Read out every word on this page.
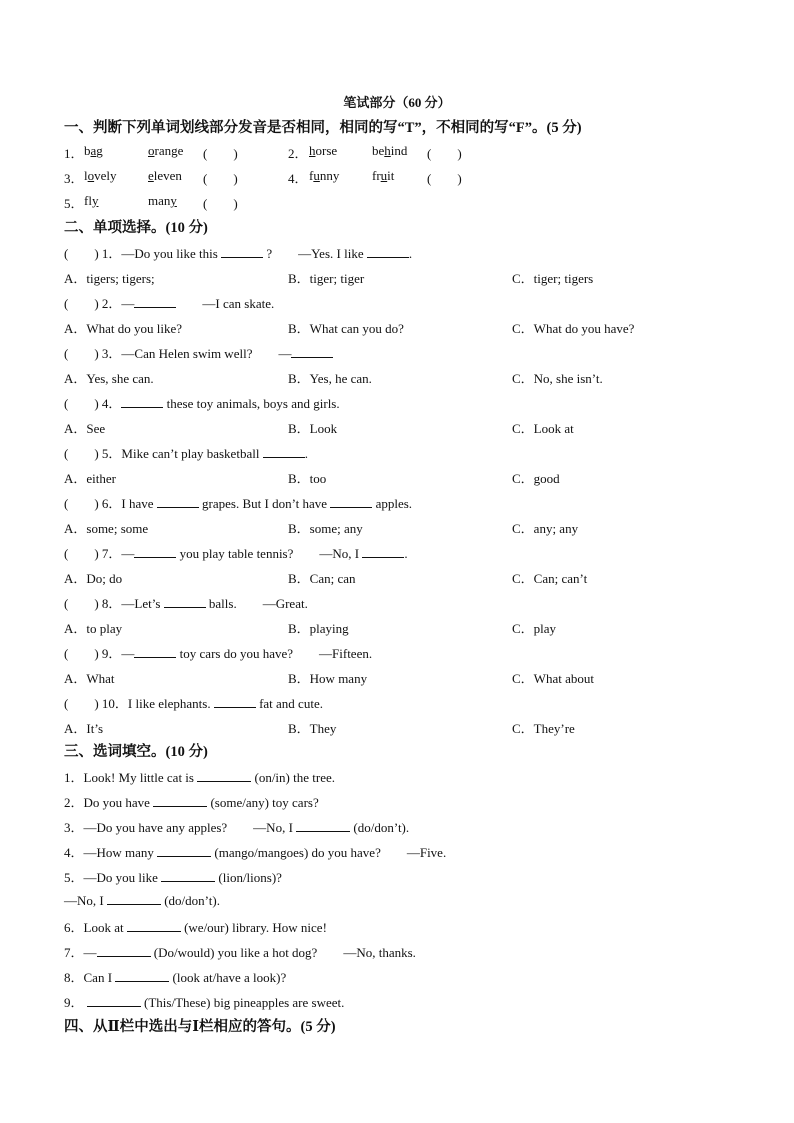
笔试部分（60 分）
一、判断下列单词划线部分发音是否相同，相同的写“T”，不相同的写“F”。(5 分)
1． bag	orange (　　)	2． horse	behind (　　)
3． lovely eleven (　　)	4． funny	fruit	(　　)
5． fly	many (　　)
二、单项选择。(10 分)
(　　) 1．—Do you like this	?　　—Yes. I like	.
A．tigers; tigers;	B．tiger; tiger	C．tiger; tigers
(　　) 2．—	　　—I can skate.
A．What do you like?	B．What can you do?	C．What do you have?
(　　) 3．—Can Helen swim well?　　—
A．Yes, she can.	B．Yes, he can.	C．No, she isn’t.
(　　) 4．	these toy animals, boys and girls.
A．See	B．Look	C．Look at
(　　) 5．Mike can’t play basketball	.
A．either	B．too	C．good
(　　) 6．I have	grapes. But I don’t have	apples.
A．some; some	B．some; any	C．any; any
(　　) 7．—	you play table tennis?　　—No, I	.
A．Do; do	B．Can; can	C．Can; can’t
(　　) 8．—Let’s	balls.　　—Great.
A．to play	B．playing	C．play
(　　) 9．—	toy cars do you have?　　—Fifteen.
A．What	B．How many	C．What about
(　　) 10．I like elephants.	fat and cute.
A．It’s	B．They	C．They’re
三、选词填空。(10 分)
1．Look! My little cat is	(on/in) the tree.
2．Do you have	(some/any) toy cars?
3．—Do you have any apples?　　—No, I	(do/don’t).
4．—How many	(mango/mangoes) do you have?　　—Five.
5．—Do you like	(lion/lions)?
—No, I	(do/don’t).
6．Look at	(we/our) library. How nice!
7．—	(Do/would) you like a hot dog?　　—No, thanks.
8．Can I	(look at/have a look)?
9．	(This/These) big pineapples are sweet.
四、从Ⅱ栏中选出与Ⅰ栏相应的答句。(5 分)
